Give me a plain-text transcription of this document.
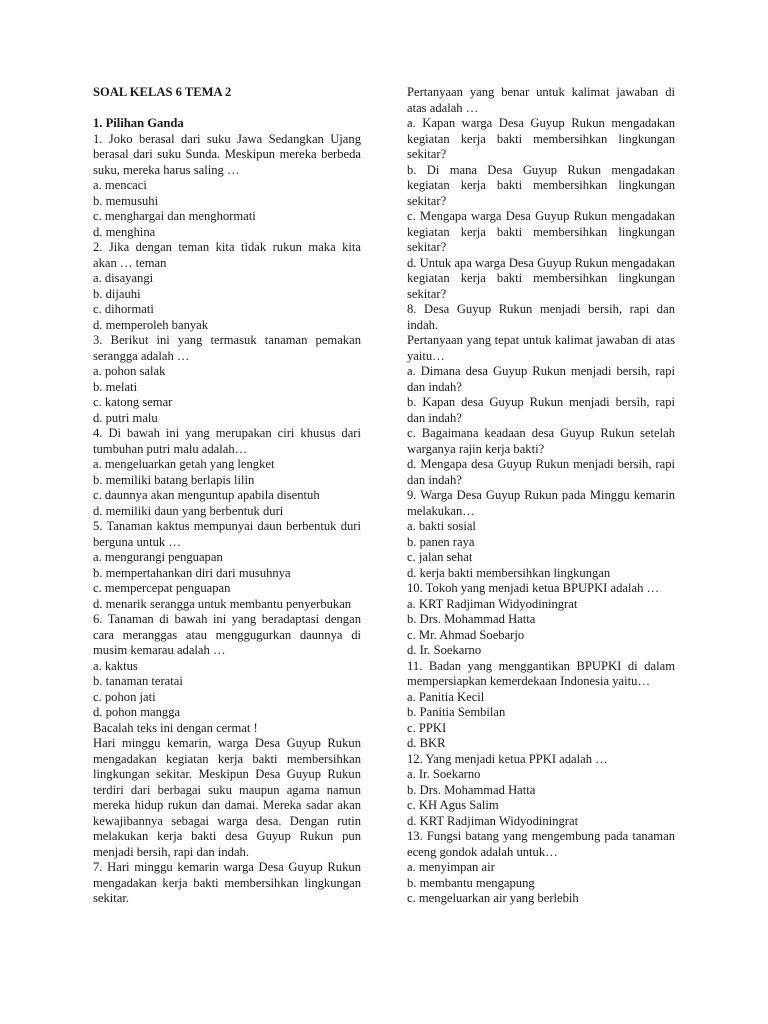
SOAL KELAS 6 TEMA 2

1. Pilihan Ganda

1. Joko berasal dari suku Jawa Sedangkan Ujang berasal dari suku Sunda. Meskipun mereka berbeda suku, mereka harus saling …

a. mencaci

b. memusuhi

c. menghargai dan menghormati

d. menghina

2. Jika dengan teman kita tidak rukun maka kita akan … teman

a. disayangi

b. dijauhi

c. dihormati

d. memperoleh banyak

3. Berikut ini yang termasuk tanaman pemakan serangga adalah …

a. pohon salak

b. melati

c. katong semar

d. putri malu

4. Di bawah ini yang merupakan ciri khusus dari tumbuhan putri malu adalah…

a. mengeluarkan getah yang lengket

b. memiliki batang berlapis lilin

c. daunnya akan menguntup apabila disentuh

d. memiliki daun yang berbentuk duri

5. Tanaman kaktus mempunyai daun berbentuk duri berguna untuk …

a. mengurangi penguapan

b. mempertahankan diri dari musuhnya

c. mempercepat penguapan

d. menarik serangga untuk membantu penyerbukan

6. Tanaman di bawah ini yang beradaptasi dengan cara meranggas atau menggugurkan daunnya di musim kemarau adalah …

a. kaktus

b. tanaman teratai

c. pohon jati

d. pohon mangga

Bacalah teks ini dengan cermat !

Hari minggu kemarin, warga Desa Guyup Rukun mengadakan kegiatan kerja bakti membersihkan lingkungan sekitar. Meskipun Desa Guyup Rukun terdiri dari berbagai suku maupun agama namun mereka hidup rukun dan damai. Mereka sadar akan kewajibannya sebagai warga desa. Dengan rutin melakukan kerja bakti desa Guyup Rukun pun menjadi bersih, rapi dan indah.

7. Hari minggu kemarin warga Desa Guyup Rukun mengadakan kerja bakti membersihkan lingkungan sekitar.

Pertanyaan yang benar untuk kalimat jawaban di atas adalah …

a. Kapan warga Desa Guyup Rukun mengadakan kegiatan kerja bakti membersihkan lingkungan sekitar?

b. Di mana Desa Guyup Rukun mengadakan kegiatan kerja bakti membersihkan lingkungan sekitar?

c. Mengapa warga Desa Guyup Rukun mengadakan kegiatan kerja bakti membersihkan lingkungan sekitar?

d. Untuk apa warga Desa Guyup Rukun mengadakan kegiatan kerja bakti membersihkan lingkungan sekitar?

8. Desa Guyup Rukun menjadi bersih, rapi dan indah.

Pertanyaan yang tepat untuk kalimat jawaban di atas yaitu…

a. Dimana desa Guyup Rukun menjadi bersih, rapi dan indah?

b. Kapan desa Guyup Rukun menjadi bersih, rapi dan indah?

c. Bagaimana keadaan desa Guyup Rukun setelah warganya rajin kerja bakti?

d. Mengapa desa Guyup Rukun menjadi bersih, rapi dan indah?

9. Warga Desa Guyup Rukun pada Minggu kemarin melakukan…

a. bakti sosial

b. panen raya

c. jalan sehat

d. kerja bakti membersihkan lingkungan

10. Tokoh yang menjadi ketua BPUPKI adalah …

a. KRT Radjiman Widyodiningrat

b. Drs. Mohammad Hatta

c. Mr. Ahmad Soebarjo

d. Ir. Soekarno

11. Badan yang menggantikan BPUPKI di dalam mempersiapkan kemerdekaan Indonesia yaitu…

a. Panitia Kecil

b. Panitia Sembilan

c. PPKI

d. BKR

12. Yang menjadi ketua PPKI adalah …

a. Ir. Soekarno

b. Drs. Mohammad Hatta

c. KH Agus Salim

d. KRT Radjiman Widyodiningrat

13. Fungsi batang yang mengembung pada tanaman eceng gondok adalah untuk…

a. menyimpan air

b. membantu mengapung

c. mengeluarkan air yang berlebih
